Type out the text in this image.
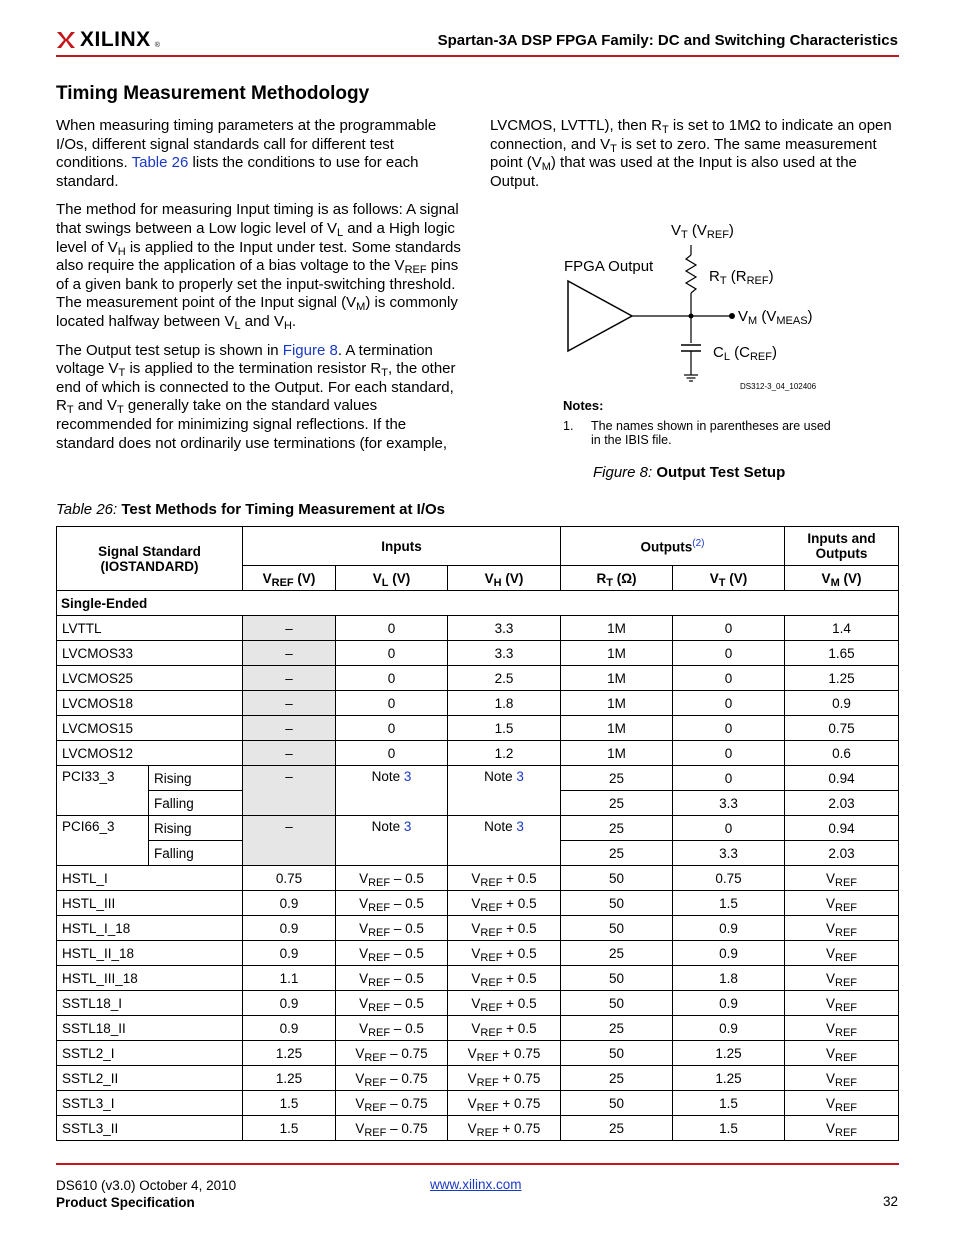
XILINX ®	Spartan-3A DSP FPGA Family: DC and Switching Characteristics
Timing Measurement Methodology

When measuring timing parameters at the programmable I/Os, different signal standards call for different test conditions. Table 26 lists the conditions to use for each standard.

The method for measuring Input timing is as follows: A signal that swings between a Low logic level of $V_L$ and a High logic level of $V_H$ is applied to the Input under test. Some standards also require the application of a bias voltage to the $V_{REF}$ pins of a given bank to properly set the input-switching threshold. The measurement point of the Input signal $(V_M)$ is commonly located halfway between $V_L$ and $V_H$.

The Output test setup is shown in Figure 8. A termination voltage $V_T$ is applied to the termination resistor $R_T$, the other end of which is connected to the Output. For each standard, $R_T$ and $V_T$ generally take on the standard values recommended for minimizing signal reflections. If the standard does not ordinarily use terminations (for example,

LVCMOS, LVTTL), then $R_T$ is set to 1MΩ to indicate an open connection, and $V_T$ is set to zero. The same measurement point $(V_M)$ that was used at the Input is also used at the Output.

FPGA Output
$V_T$ $(V_{REF})$
$R_T$ $(R_{REF})$
$V_M$ $(V_{MEAS})$
$C_L$ $(C_{REF})$
DS312-3_04_102406
Notes:
1. The names shown in parentheses are used in the IBIS file.
Figure 8: Output Test Setup
Table 26: Test Methods for Timing Measurement at I/Os
Signal Standard
(IOSTANDARD)		Inputs			Outputs$^{(2)}$		Inputs and Outputs
		$V_{REF}$ (V)	$V_L$ (V)	$V_H$ (V)	$R_T$ (Ω)	$V_T$ (V)	$V_M$ (V)
Single-Ended							
LVTTL		–	0	3.3	1M	0	1.4
LVCMOS33		–	0	3.3	1M	0	1.65
LVCMOS25		–	0	2.5	1M	0	1.25
LVCMOS18		–	0	1.8	1M	0	0.9
LVCMOS15		–	0	1.5	1M	0	0.75
LVCMOS12		–	0	1.2	1M	0	0.6
PCI33_3	Rising	–	Note 3	Note 3	25	0	0.94
	Falling				25	3.3	2.03
PCI66_3	Rising	–	Note 3	Note 3	25	0	0.94
	Falling				25	3.3	2.03
HSTL_I		0.75	$V_{REF} - 0.5$	$V_{REF} + 0.5$	50	0.75	$V_{REF}$
HSTL_III		0.9	$V_{REF} - 0.5$	$V_{REF} + 0.5$	50	1.5	$V_{REF}$
HSTL_I_18		0.9	$V_{REF} - 0.5$	$V_{REF} + 0.5$	50	0.9	$V_{REF}$
HSTL_II_18		0.9	$V_{REF} - 0.5$	$V_{REF} + 0.5$	25	0.9	$V_{REF}$
HSTL_III_18		1.1	$V_{REF} - 0.5$	$V_{REF} + 0.5$	50	1.8	$V_{REF}$
SSTL18_I		0.9	$V_{REF} - 0.5$	$V_{REF} + 0.5$	50	0.9	$V_{REF}$
SSTL18_II		0.9	$V_{REF} - 0.5$	$V_{REF} + 0.5$	25	0.9	$V_{REF}$
SSTL2_I		1.25	$V_{REF} - 0.75$	$V_{REF} + 0.75$	50	1.25	$V_{REF}$
SSTL2_II		1.25	$V_{REF} - 0.75$	$V_{REF} + 0.75$	25	1.25	$V_{REF}$
SSTL3_I		1.5	$V_{REF} - 0.75$	$V_{REF} + 0.75$	50	1.5	$V_{REF}$
SSTL3_II		1.5	$V_{REF} - 0.75$	$V_{REF} + 0.75$	25	1.5	$V_{REF}$
DS610 (v3.0) October 4, 2010
Product Specification
www.xilinx.com
32
